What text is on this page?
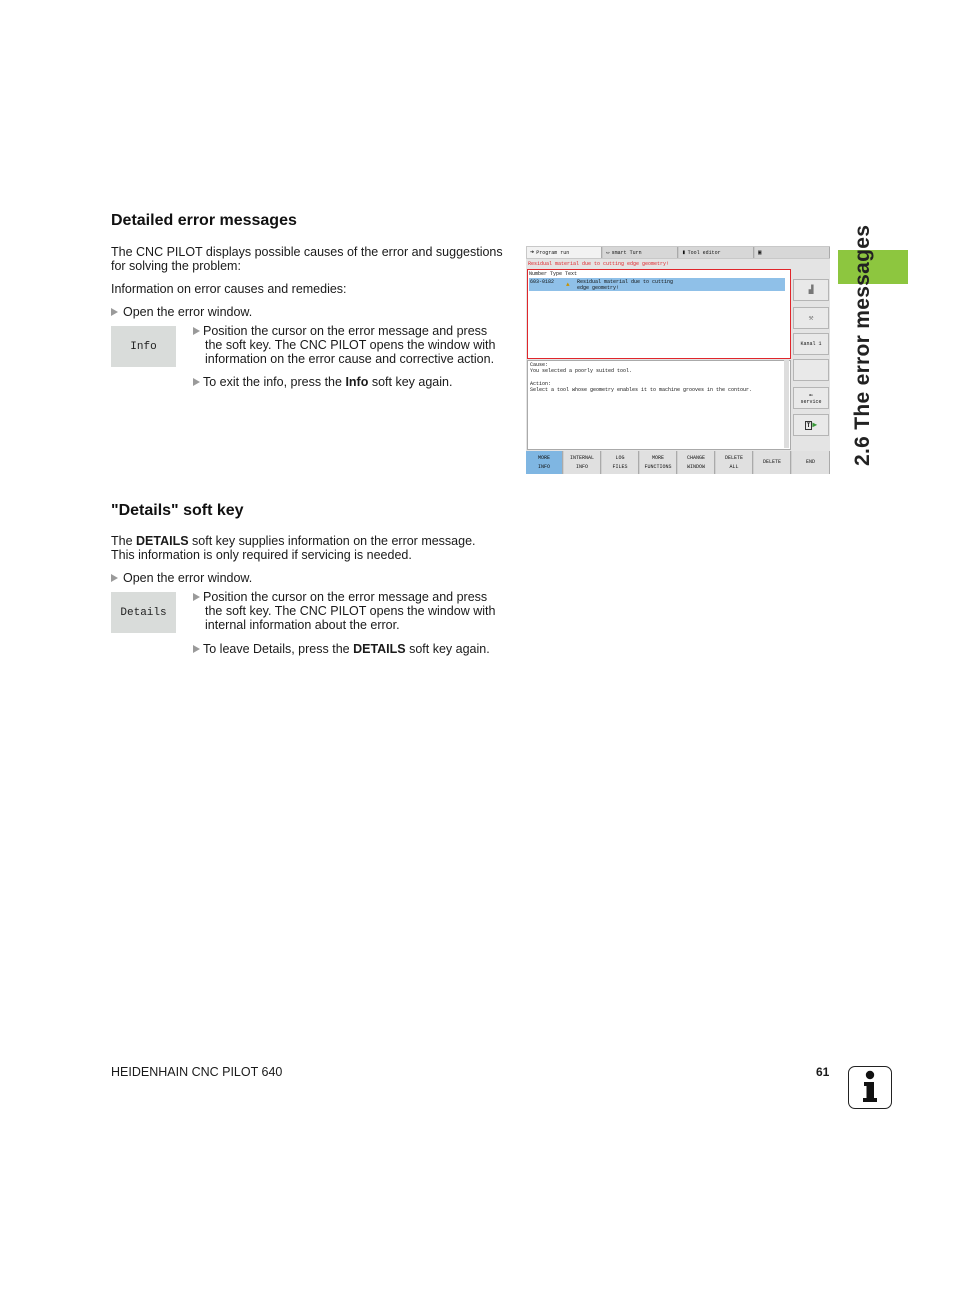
2.6 The error messages
Detailed error messages

The CNC PILOT displays possible causes of the error and suggestions

for solving the problem:

Information on error causes and remedies:

Open the error window.
Info
Position the cursor on the error message and press
the soft key. The CNC PILOT opens the window with
information on the error cause and corrective action.
To exit the info, press the Info soft key again.
➔ Program run	⇔ smart Turn	▮ Tool editor	▣
Residual material due to cutting edge geometry!
Number Type Text
603-0182 ▲ Residual material due to cutting
edge geometry!
Cause:
You selected a poorly suited tool.
Action:
Select a tool whose geometry enables it to machine grooves in the contour.
▟
⚒
Kanal 1
⟜
service
T ▶
MORE
INFO
INTERNAL
INFO
LOG
FILES
MORE
FUNCTIONS
CHANGE
WINDOW
DELETE
ALL
DELETE	END
"Details" soft key

The DETAILS soft key supplies information on the error message.

This information is only required if servicing is needed.

Open the error window.
Details
Position the cursor on the error message and press
the soft key. The CNC PILOT opens the window with
internal information about the error.
To leave Details, press the DETAILS soft key again.
HEIDENHAIN CNC PILOT 640	61
